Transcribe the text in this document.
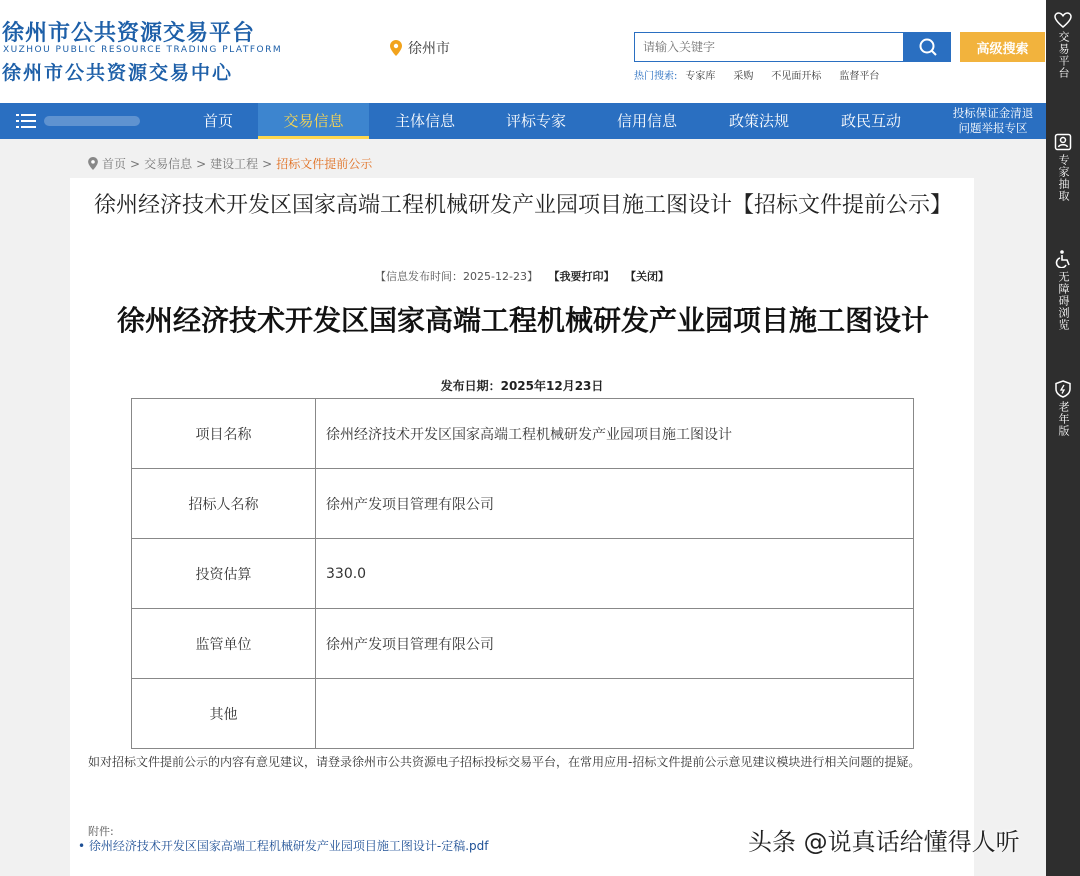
徐州市公共资源交易平台
XUZHOU PUBLIC RESOURCE TRADING PLATFORM
徐州市公共资源交易中心
徐州市
请输入关键字	高级搜索
热门搜索: 专家库 采购 不见面开标 监督平台
首页	交易信息	主体信息	评标专家	信用信息	政策法规	政民互动	投标保证金清退
问题举报专区
交易平台
专家抽取
无障碍浏览
老年版
首页 > 交易信息 > 建设工程 > 招标文件提前公示
徐州经济技术开发区国家高端工程机械研发产业园项目施工图设计【招标文件提前公示】
【信息发布时间：2025-12-23】 【我要打印】 【关闭】
徐州经济技术开发区国家高端工程机械研发产业园项目施工图设计
发布日期：2025年12月23日
项目名称	徐州经济技术开发区国家高端工程机械研发产业园项目施工图设计
招标人名称	徐州产发项目管理有限公司
投资估算	330.0
监管单位	徐州产发项目管理有限公司
其他	
如对招标文件提前公示的内容有意见建议，请登录徐州市公共资源电子招标投标交易平台，在常用应用-招标文件提前公示意见建议模块进行相关问题的提疑。
附件:
• 徐州经济技术开发区国家高端工程机械研发产业园项目施工图设计-定稿.pdf	头条 @说真话给懂得人听
